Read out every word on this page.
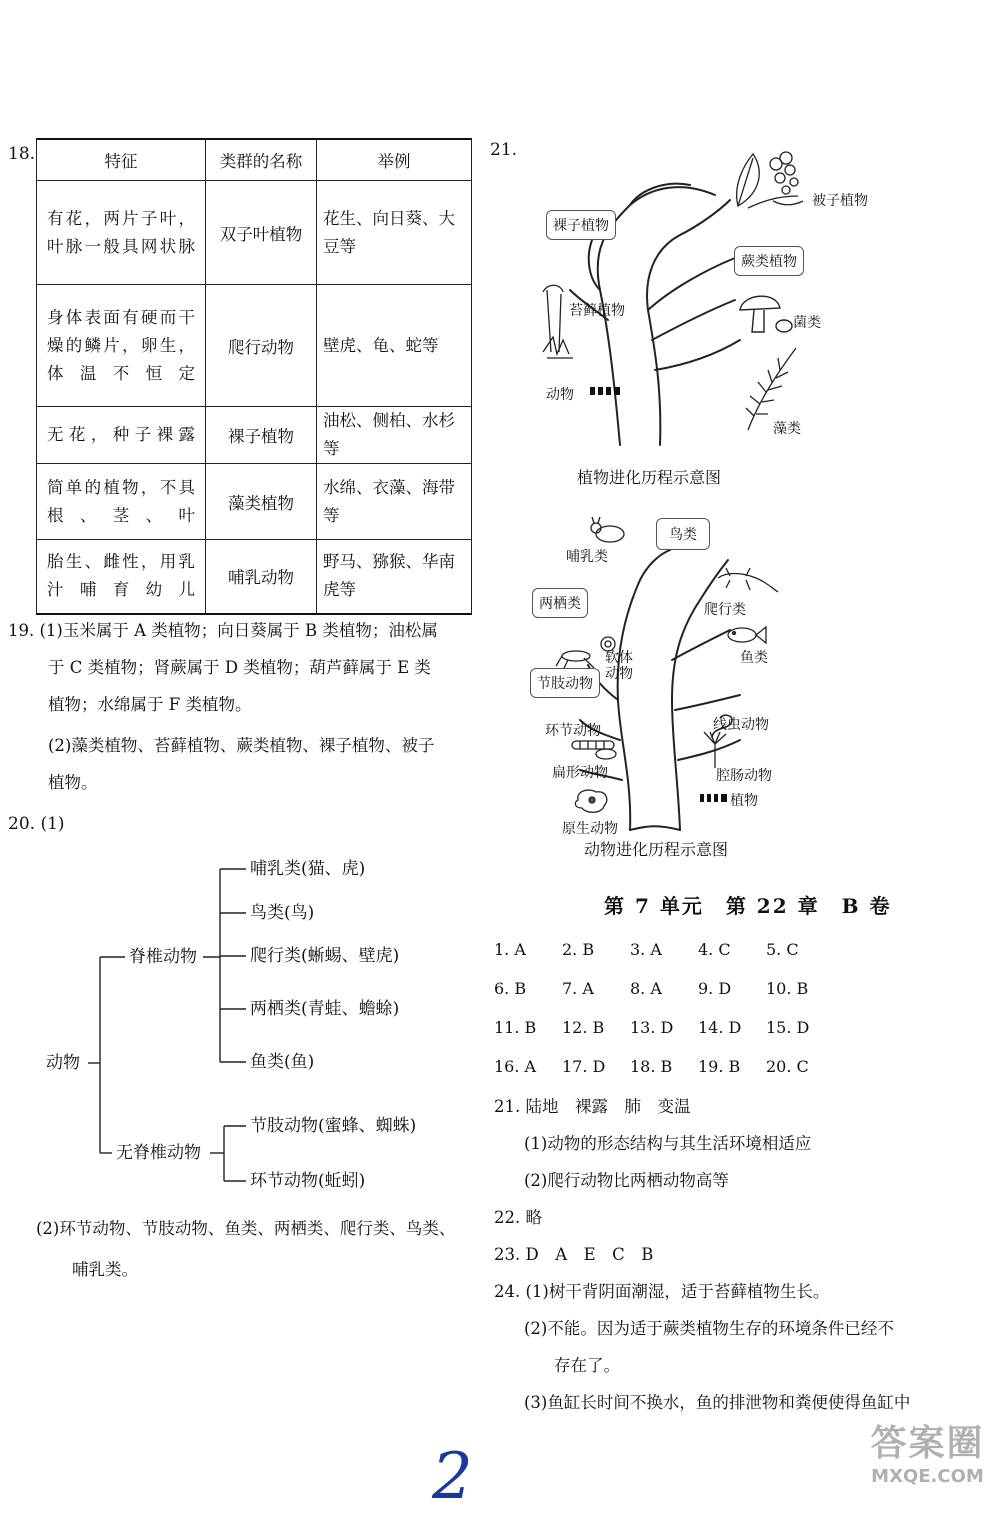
18.	特征	类群的名称	举例
有花，两片子叶，叶脉一般具网状脉	双子叶植物	花生、向日葵、大豆等
身体表面有硬而干燥的鳞片，卵生，体温不恒定	爬行动物	壁虎、龟、蛇等
无花，种子裸露	裸子植物	油松、侧柏、水杉等
简单的植物，不具根、茎、叶	藻类植物	水绵、衣藻、海带等
胎生、雌性，用乳汁哺育幼儿	哺乳动物	野马、猕猴、华南虎等
19. (1)玉米属于 A 类植物；向日葵属于 B 类植物；油松属
于 C 类植物；肾蕨属于 D 类植物；葫芦藓属于 E 类
植物；水绵属于 F 类植物。
(2)藻类植物、苔藓植物、蕨类植物、裸子植物、被子
植物。
20. (1)
动物
脊椎动物
无脊椎动物
哺乳类(猫、虎)
鸟类(鸟)
爬行类(蜥蜴、壁虎)
两栖类(青蛙、蟾蜍)
鱼类(鱼)
节肢动物(蜜蜂、蜘蛛)
环节动物(蚯蚓)
(2)环节动物、节肢动物、鱼类、两栖类、爬行类、鸟类、
哺乳类。
21.
裸子植物
被子植物
蕨类植物
苔藓植物
菌类
动物
藻类
植物进化历程示意图
鸟类
哺乳类
两栖类	爬行类
软体动物
鱼类
节肢动物
环节动物	线虫动物
扁形动物	腔肠动物
植物
原生动物
动物进化历程示意图
第 7 单元　第 22 章　B 卷
1. A	2. B	3. A	4. C	5. C
6. B	7. A	8. A	9. D	10. B
11. B	12. B	13. D	14. D	15. D
16. A	17. D	18. B	19. B	20. C
21. 陆地　裸露　肺　变温
(1)动物的形态结构与其生活环境相适应
(2)爬行动物比两栖动物高等
22. 略
23. D　A　E　C　B
24. (1)树干背阴面潮湿，适于苔藓植物生长。
(2)不能。因为适于蕨类植物生存的环境条件已经不
存在了。
(3)鱼缸长时间不换水，鱼的排泄物和粪便使得鱼缸中
2	答案圈
MXQE.COM
